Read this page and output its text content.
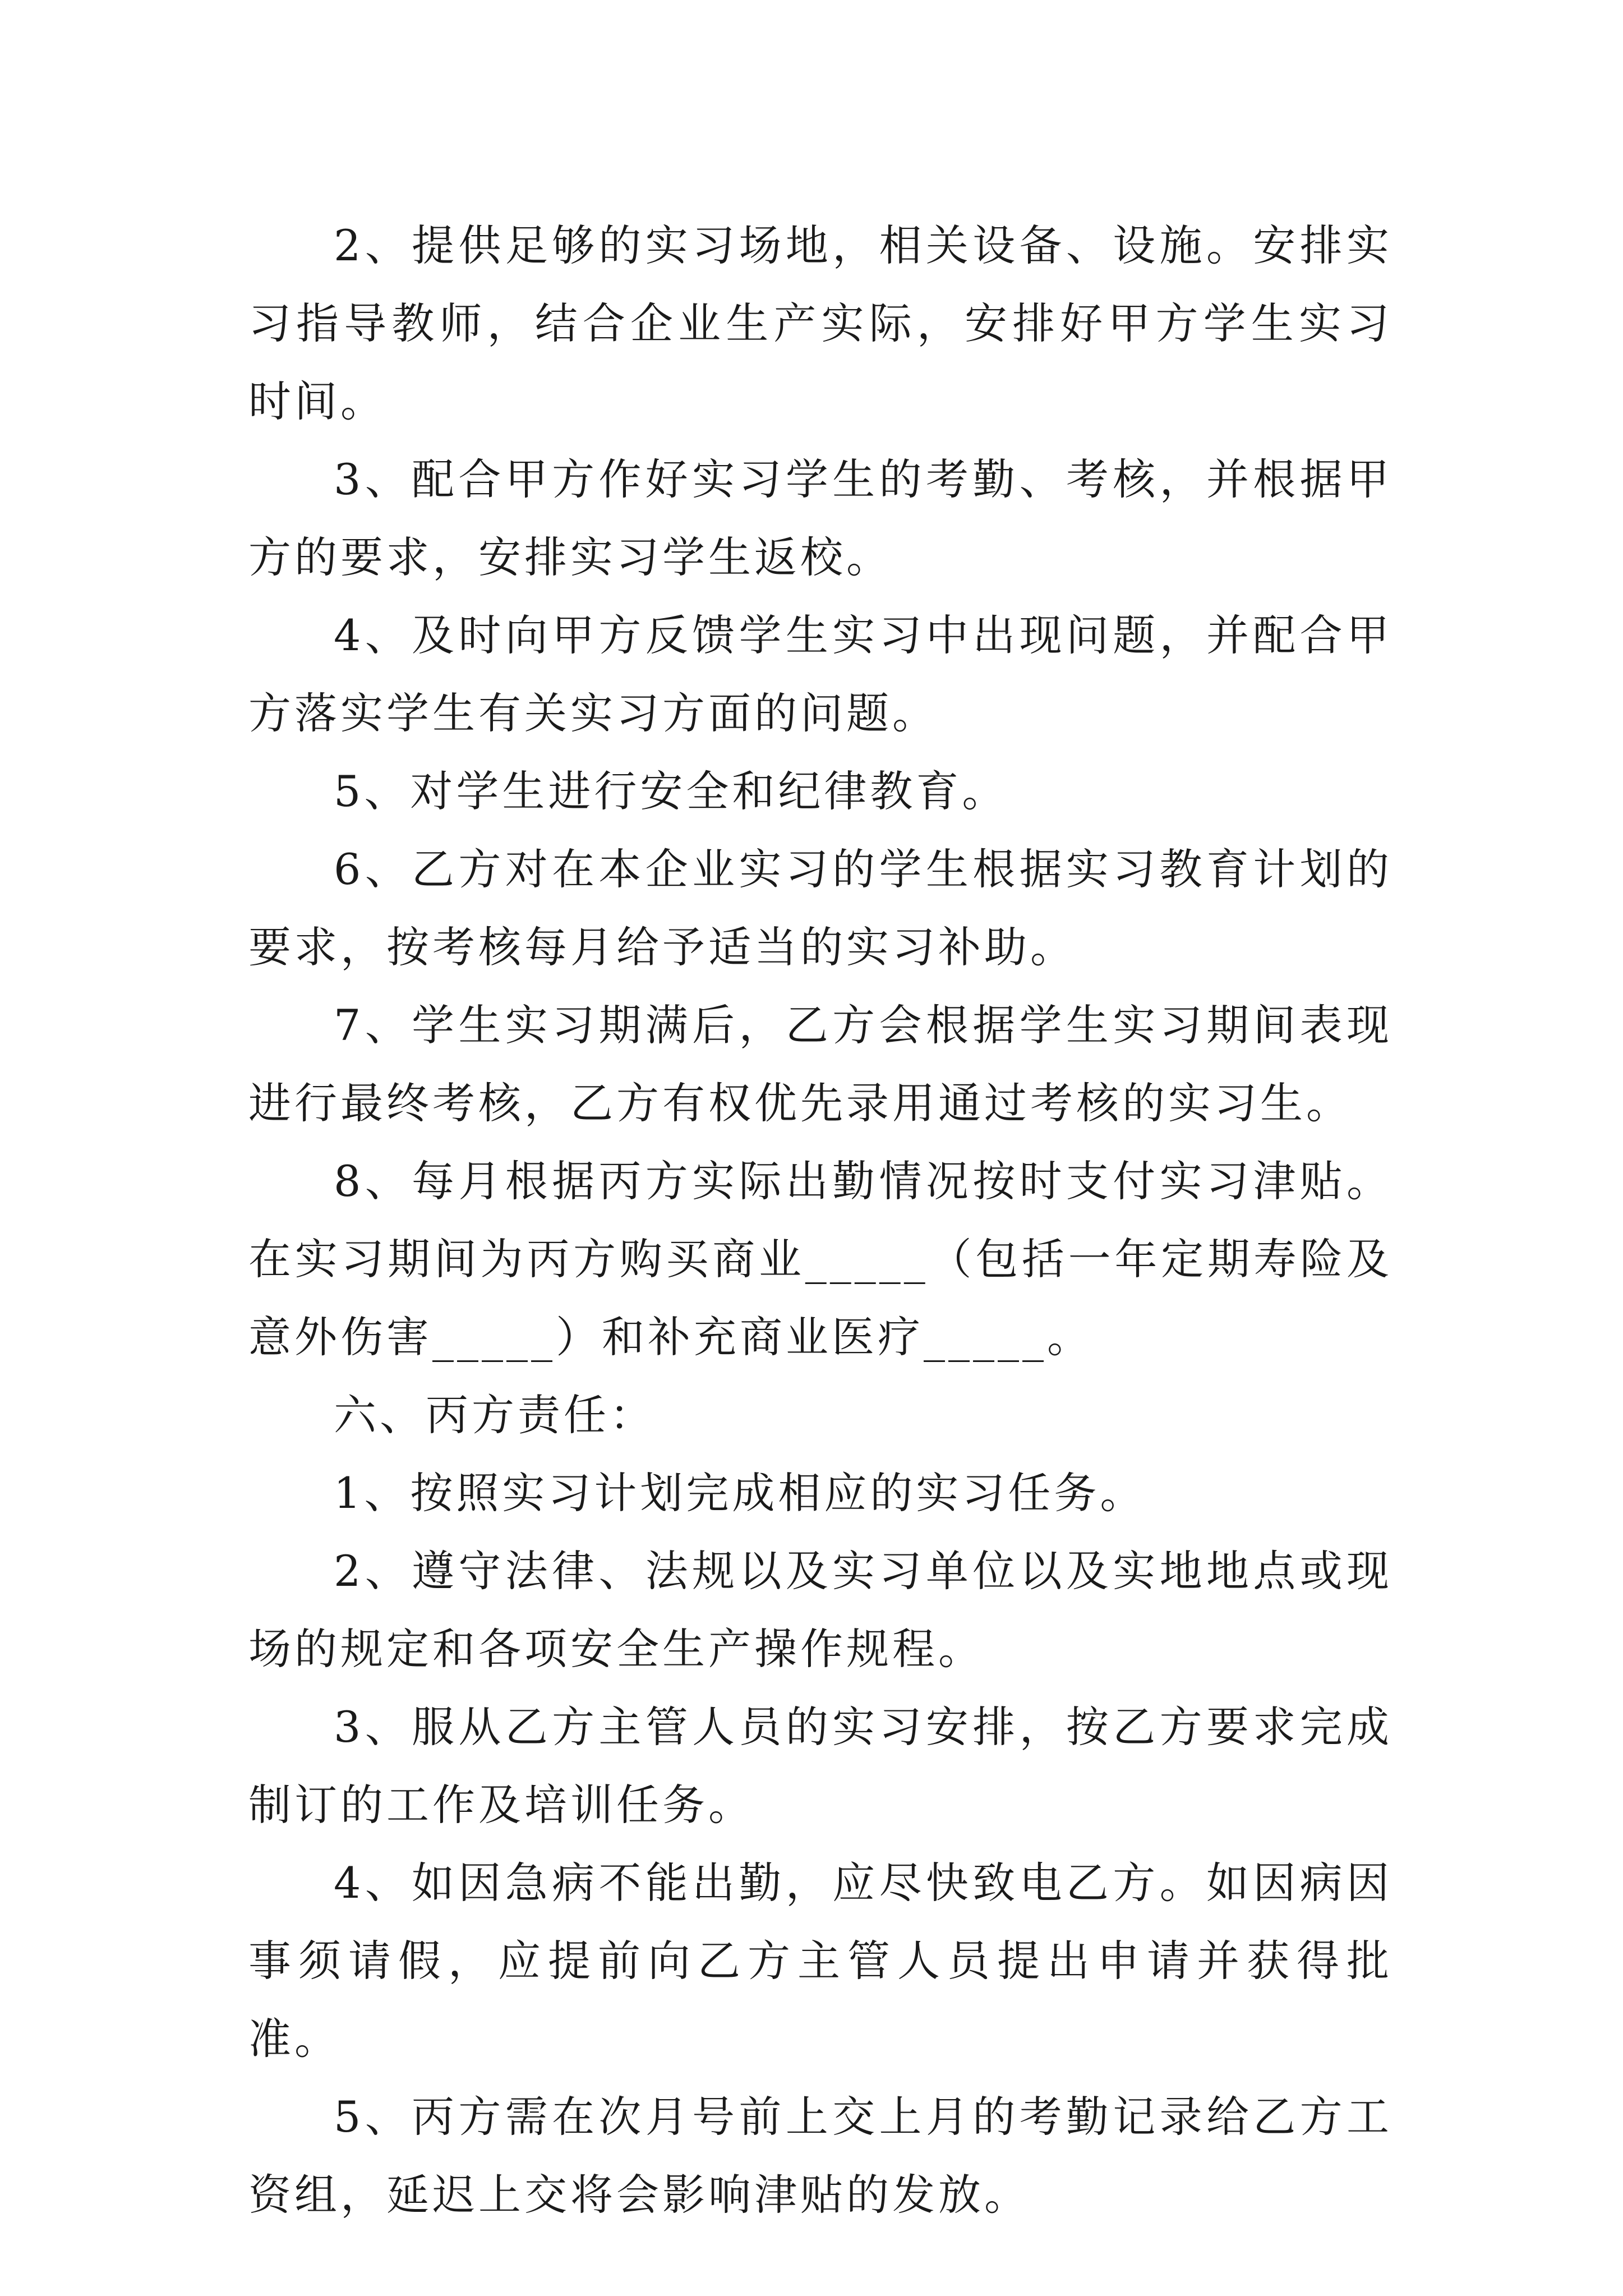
2、提供足够的实习场地，相关设备、设施。安排实习指导教师，结合企业生产实际，安排好甲方学生实习时间。

3、配合甲方作好实习学生的考勤、考核，并根据甲方的要求，安排实习学生返校。

4、及时向甲方反馈学生实习中出现问题，并配合甲方落实学生有关实习方面的问题。

5、对学生进行安全和纪律教育。

6、乙方对在本企业实习的学生根据实习教育计划的要求，按考核每月给予适当的实习补助。

7、学生实习期满后，乙方会根据学生实习期间表现进行最终考核，乙方有权优先录用通过考核的实习生。

8、每月根据丙方实际出勤情况按时支付实习津贴。在实习期间为丙方购买商业_____（包括一年定期寿险及意外伤害_____）和补充商业医疗_____。

六、丙方责任：

1、按照实习计划完成相应的实习任务。

2、遵守法律、法规以及实习单位以及实地地点或现场的规定和各项安全生产操作规程。

3、服从乙方主管人员的实习安排，按乙方要求完成制订的工作及培训任务。

4、如因急病不能出勤，应尽快致电乙方。如因病因事须请假，应提前向乙方主管人员提出申请并获得批准。

5、丙方需在次月号前上交上月的考勤记录给乙方工资组，延迟上交将会影响津贴的发放。
